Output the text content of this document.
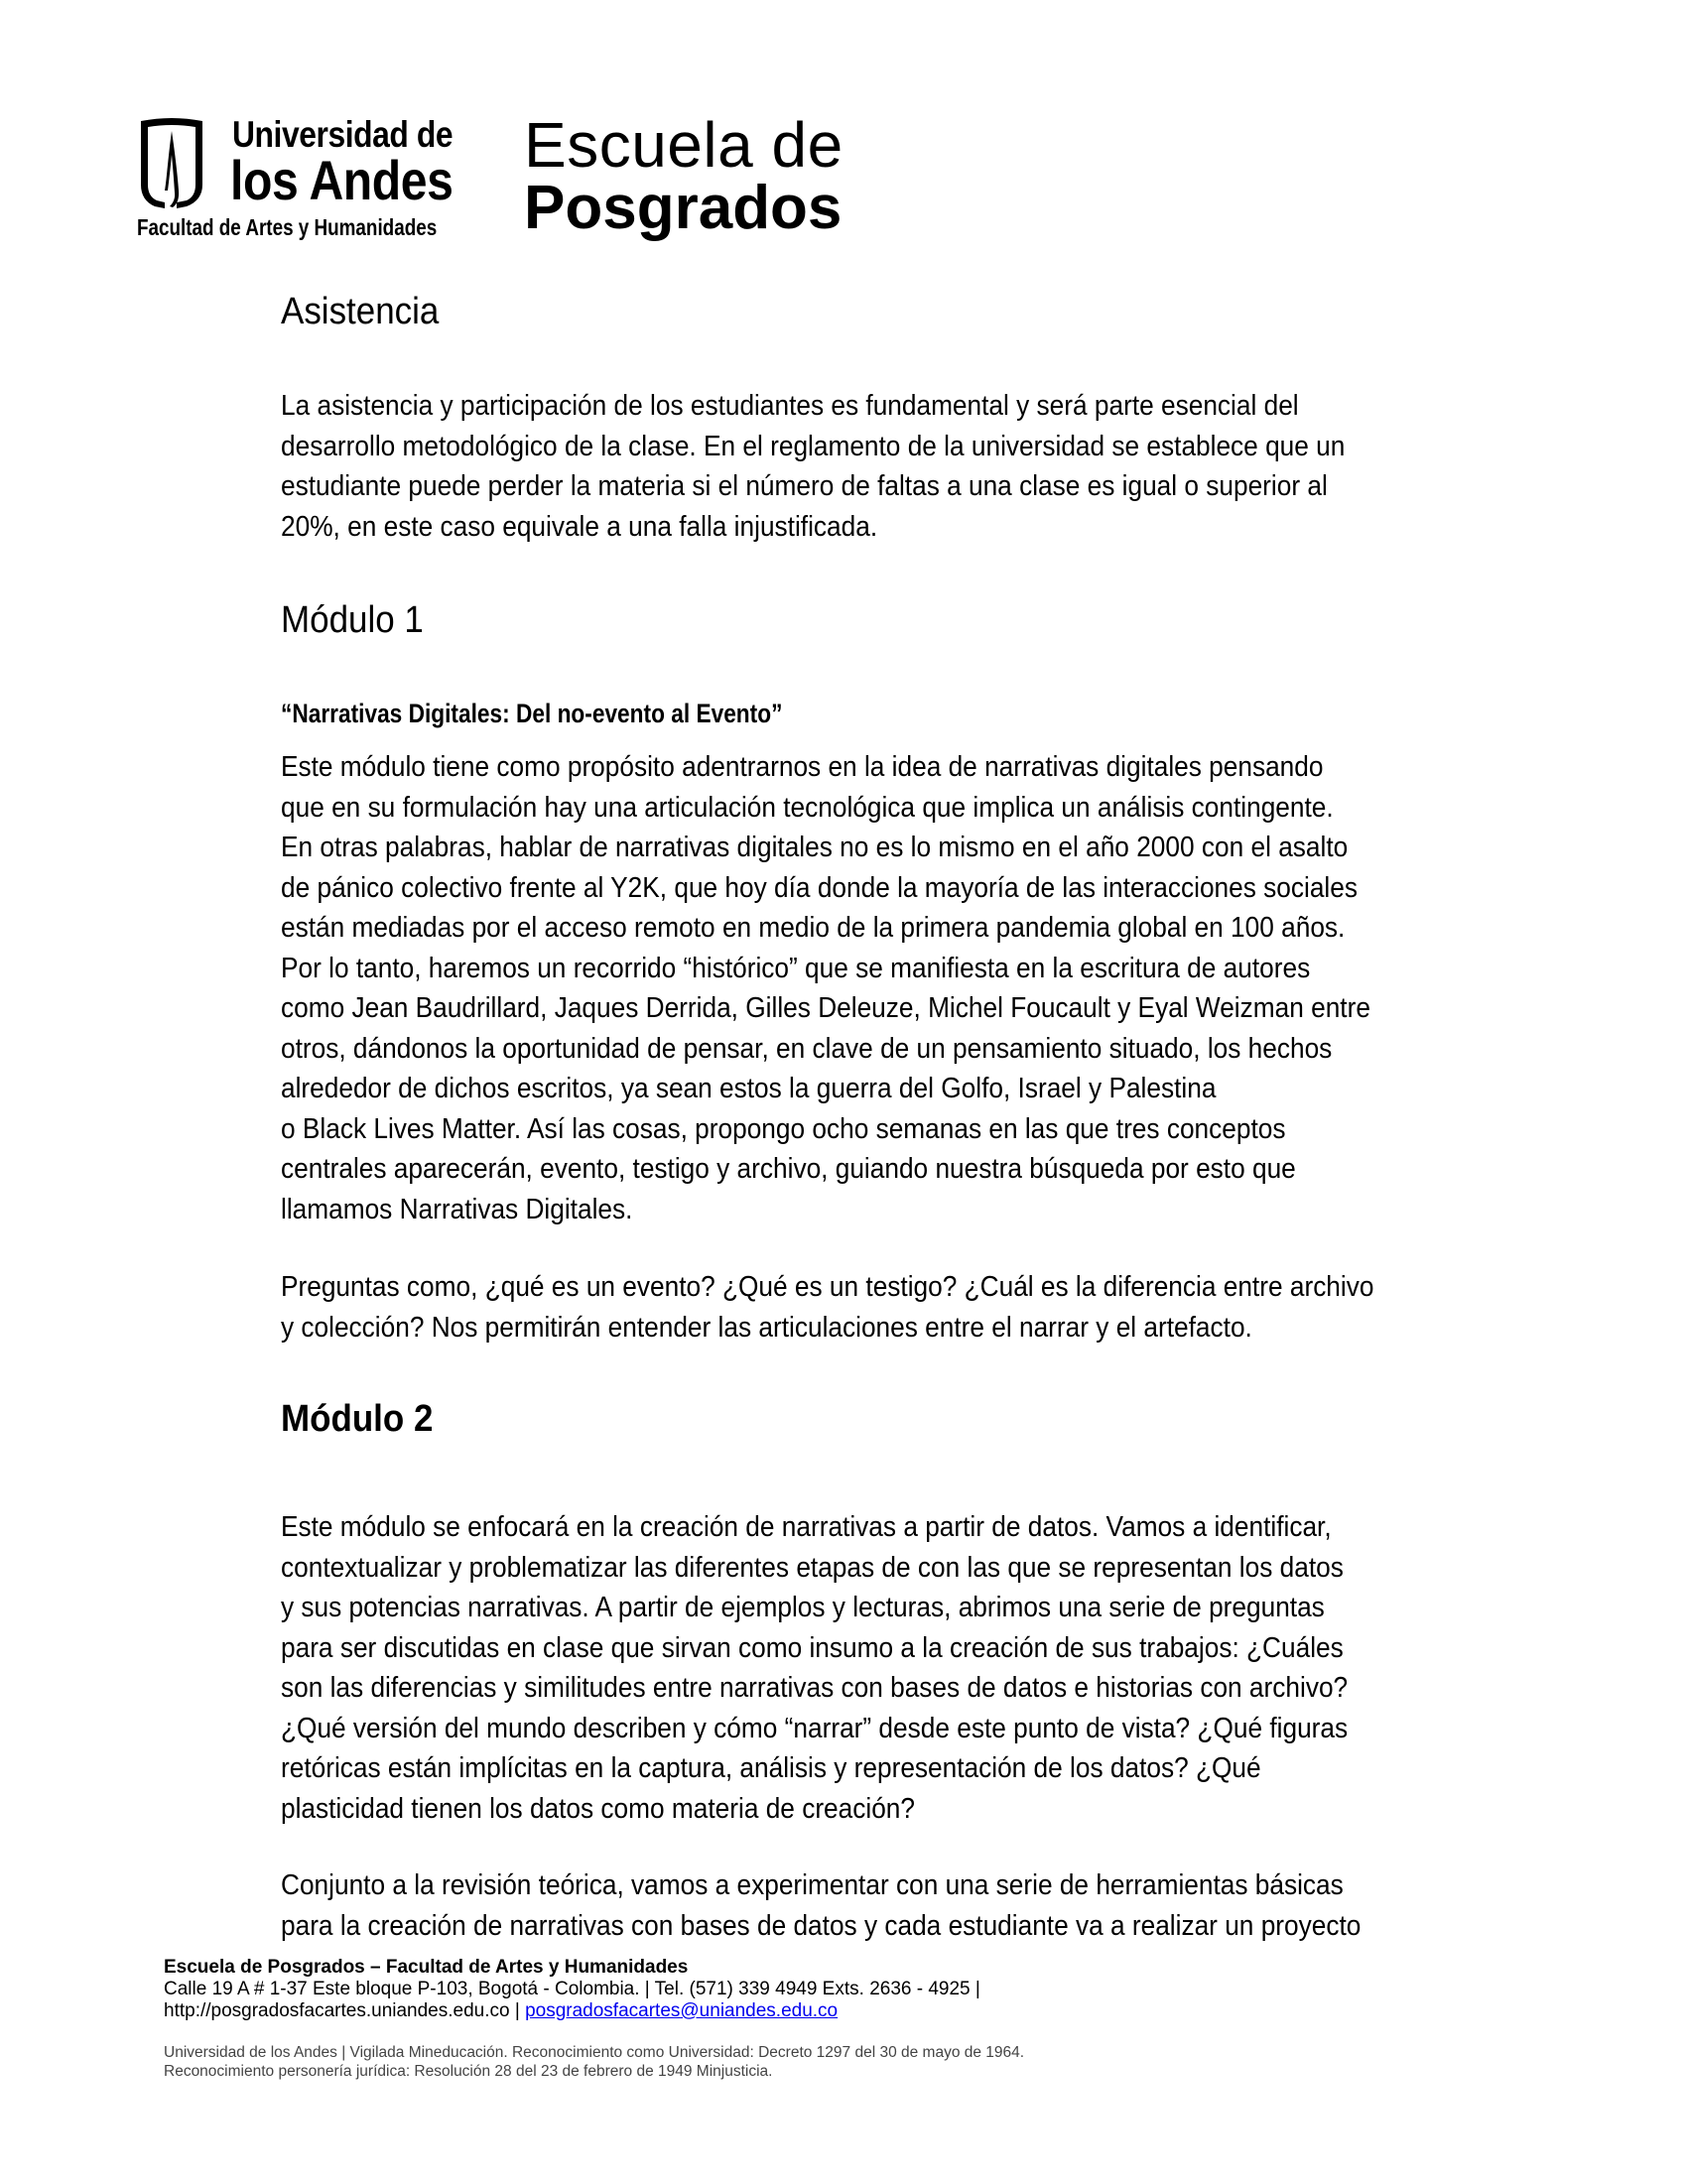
Universidad de
los Andes
Facultad de Artes y Humanidades
Escuela de
Posgrados
Asistencia
La asistencia y participación de los estudiantes es fundamental y será parte esencial del
desarrollo metodológico de la clase. En el reglamento de la universidad se establece que un
estudiante puede perder la materia si el número de faltas a una clase es igual o superior al
20%, en este caso equivale a una falla injustificada.
Módulo 1
“Narrativas Digitales: Del no-evento al Evento”
Este módulo tiene como propósito adentrarnos en la idea de narrativas digitales pensando
que en su formulación hay una articulación tecnológica que implica un análisis contingente.
En otras palabras, hablar de narrativas digitales no es lo mismo en el año 2000 con el asalto
de pánico colectivo frente al Y2K, que hoy día donde la mayoría de las interacciones sociales
están mediadas por el acceso remoto en medio de la primera pandemia global en 100 años.
Por lo tanto, haremos un recorrido “histórico” que se manifiesta en la escritura de autores
como Jean Baudrillard, Jaques Derrida, Gilles Deleuze, Michel Foucault y Eyal Weizman entre
otros, dándonos la oportunidad de pensar, en clave de un pensamiento situado, los hechos
alrededor de dichos escritos, ya sean estos la guerra del Golfo, Israel y Palestina
o Black Lives Matter. Así las cosas, propongo ocho semanas en las que tres conceptos
centrales aparecerán, evento, testigo y archivo, guiando nuestra búsqueda por esto que
llamamos Narrativas Digitales.
Preguntas como, ¿qué es un evento? ¿Qué es un testigo? ¿Cuál es la diferencia entre archivo
y colección? Nos permitirán entender las articulaciones entre el narrar y el artefacto.
Módulo 2
Este módulo se enfocará en la creación de narrativas a partir de datos. Vamos a identificar,
contextualizar y problematizar las diferentes etapas de con las que se representan los datos
y sus potencias narrativas. A partir de ejemplos y lecturas, abrimos una serie de preguntas
para ser discutidas en clase que sirvan como insumo a la creación de sus trabajos: ¿Cuáles
son las diferencias y similitudes entre narrativas con bases de datos e historias con archivo?
¿Qué versión del mundo describen y cómo “narrar” desde este punto de vista? ¿Qué figuras
retóricas están implícitas en la captura, análisis y representación de los datos? ¿Qué
plasticidad tienen los datos como materia de creación?
Conjunto a la revisión teórica, vamos a experimentar con una serie de herramientas básicas
para la creación de narrativas con bases de datos y cada estudiante va a realizar un proyecto
Escuela de Posgrados – Facultad de Artes y Humanidades
Calle 19 A # 1-37 Este bloque P-103, Bogotá - Colombia. | Tel. (571) 339 4949 Exts. 2636 - 4925 |
http://posgradosfacartes.uniandes.edu.co | posgradosfacartes@uniandes.edu.co
Universidad de los Andes | Vigilada Mineducación. Reconocimiento como Universidad: Decreto 1297 del 30 de mayo de 1964.
Reconocimiento personería jurídica: Resolución 28 del 23 de febrero de 1949 Minjusticia.
